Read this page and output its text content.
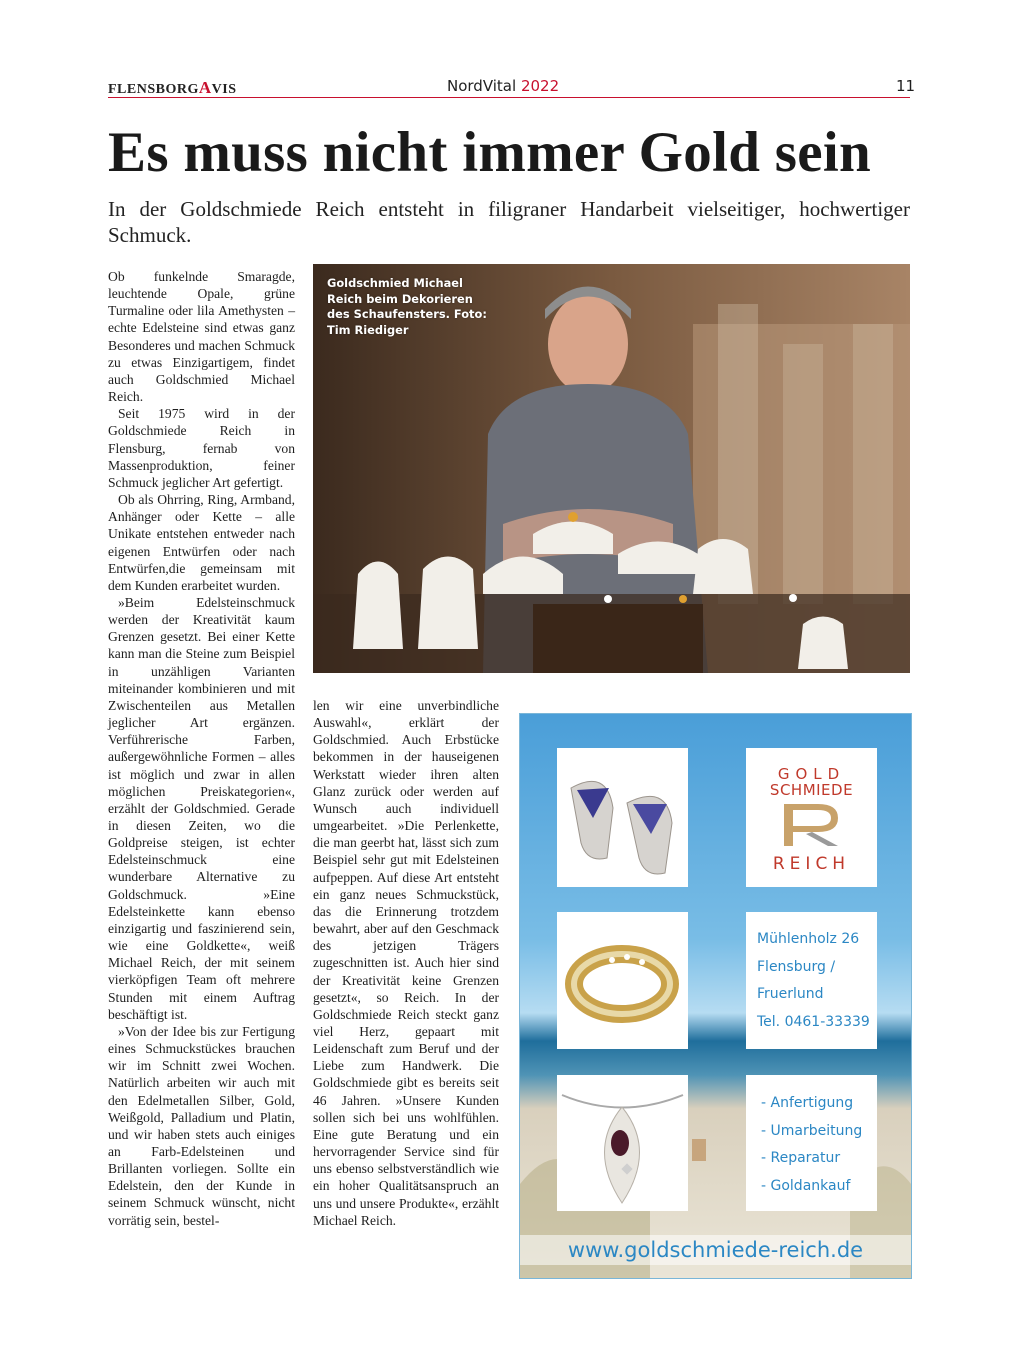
FLENSBORGAVIS	NordVital 2022	11
Es muss nicht immer Gold sein

In der Goldschmiede Reich entsteht in filigraner Handarbeit vielseitiger, hochwertiger Schmuck.

Ob funkelnde Smaragde, leuchtende Opale, grüne Turmaline oder lila Amethysten – echte Edelsteine sind etwas ganz Besonderes und machen Schmuck zu etwas Einzigartigem, findet auch Goldschmied Michael Reich.

Seit 1975 wird in der Goldschmiede Reich in Flensburg, fernab von Massenproduktion, feiner Schmuck jeglicher Art gefertigt.

Ob als Ohrring, Ring, Armband, Anhänger oder Kette – alle Unikate entstehen entweder nach eigenen Entwürfen oder nach Entwürfen,die gemeinsam mit dem Kunden erarbeitet wurden.

»Beim Edelsteinschmuck werden der Kreativität kaum Grenzen gesetzt. Bei einer Kette kann man die Steine zum Beispiel in unzähligen Varianten miteinander kombinieren und mit Zwischenteilen aus Metallen jeglicher Art ergänzen. Verführerische Farben, außergewöhnliche Formen – alles ist möglich und zwar in allen möglichen Preiskategorien«, erzählt der Goldschmied. Gerade in diesen Zeiten, wo die Goldpreise steigen, ist echter Edelsteinschmuck eine wunderbare Alternative zu Goldschmuck. »Eine Edelsteinkette kann ebenso einzigartig und faszinierend sein, wie eine Goldkette«, weiß Michael Reich, der mit seinem vierköpfigen Team oft mehrere Stunden mit einem Auftrag beschäftigt ist.

»Von der Idee bis zur Fertigung eines Schmuckstückes brauchen wir im Schnitt zwei Wochen. Natürlich arbeiten wir auch mit den Edelmetallen Silber, Gold, Weißgold, Palladium und Platin, und wir haben stets auch einiges an Farb-Edelsteinen und Brillanten vorliegen. Sollte ein Edelstein, den der Kunde in seinem Schmuck wünscht, nicht vorrätig sein, bestel-

Goldschmied Michael Reich beim Dekorieren des Schaufensters. Foto: Tim Riediger

len wir eine unverbindliche Auswahl«, erklärt der Goldschmied. Auch Erbstücke bekommen in der hauseigenen Werkstatt wieder ihren alten Glanz zurück oder werden auf Wunsch auch individuell umgearbeitet. »Die Perlenkette, die man geerbt hat, lässt sich zum Beispiel sehr gut mit Edelsteinen aufpeppen. Auf diese Art entsteht ein ganz neues Schmuckstück, das die Erinnerung trotzdem bewahrt, aber auf den Geschmack des jetzigen Trägers zugeschnitten ist. Auch hier sind der Kreativität keine Grenzen gesetzt«, so Reich. In der Goldschmiede Reich steckt ganz viel Herz, gepaart mit Leidenschaft zum Beruf und der Liebe zum Handwerk. Die Goldschmiede gibt es bereits seit 46 Jahren. »Unsere Kunden sollen sich bei uns wohlfühlen. Eine gute Beratung und ein hervorragender Service sind für uns ebenso selbstverständlich wie ein hoher Qualitätsanspruch an uns und unsere Produkte«, erzählt Michael Reich.

GOLD
SCHMIEDE
REICH
Mühlenholz 26
Flensburg /
Fruerlund
Tel. 0461-33339
- Anfertigung
- Umarbeitung
- Reparatur
- Goldankauf
www.goldschmiede-reich.de
